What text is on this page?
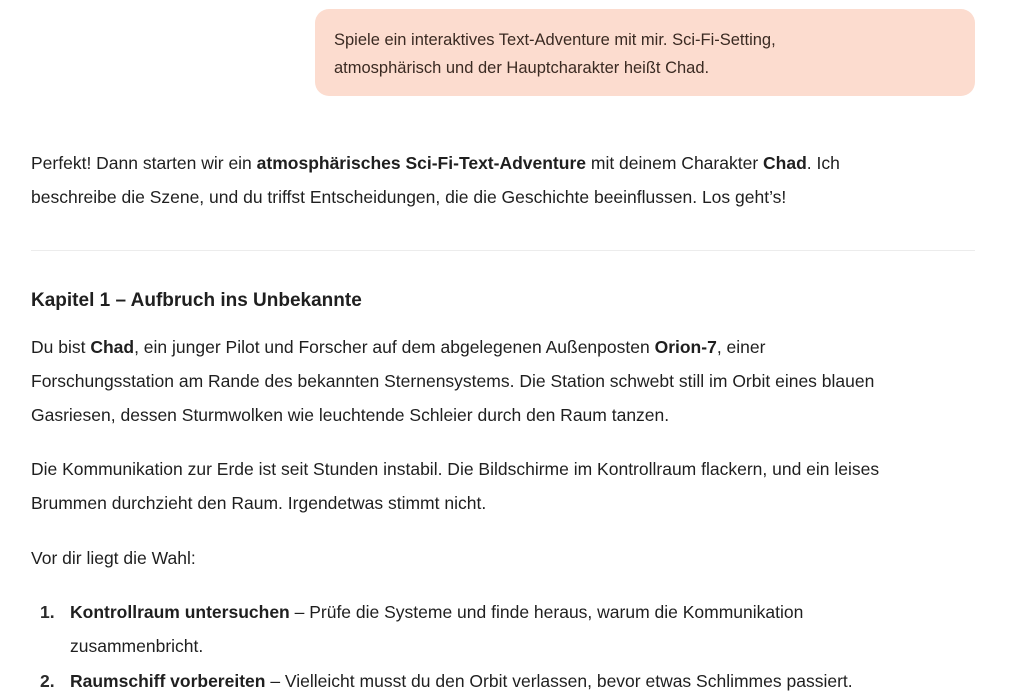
Spiele ein interaktives Text-Adventure mit mir. Sci-Fi-Setting,
atmosphärisch und der Hauptcharakter heißt Chad.
Perfekt! Dann starten wir ein atmosphärisches Sci-Fi-Text-Adventure mit deinem Charakter Chad. Ich
beschreibe die Szene, und du triffst Entscheidungen, die die Geschichte beeinflussen. Los geht’s!
Kapitel 1 – Aufbruch ins Unbekannte
Du bist Chad, ein junger Pilot und Forscher auf dem abgelegenen Außenposten Orion-7, einer
Forschungsstation am Rande des bekannten Sternensystems. Die Station schwebt still im Orbit eines blauen
Gasriesen, dessen Sturmwolken wie leuchtende Schleier durch den Raum tanzen.
Die Kommunikation zur Erde ist seit Stunden instabil. Die Bildschirme im Kontrollraum flackern, und ein leises
Brummen durchzieht den Raum. Irgendetwas stimmt nicht.
Vor dir liegt die Wahl:
1. Kontrollraum untersuchen – Prüfe die Systeme und finde heraus, warum die Kommunikation
zusammenbricht.
2. Raumschiff vorbereiten – Vielleicht musst du den Orbit verlassen, bevor etwas Schlimmes passiert.
